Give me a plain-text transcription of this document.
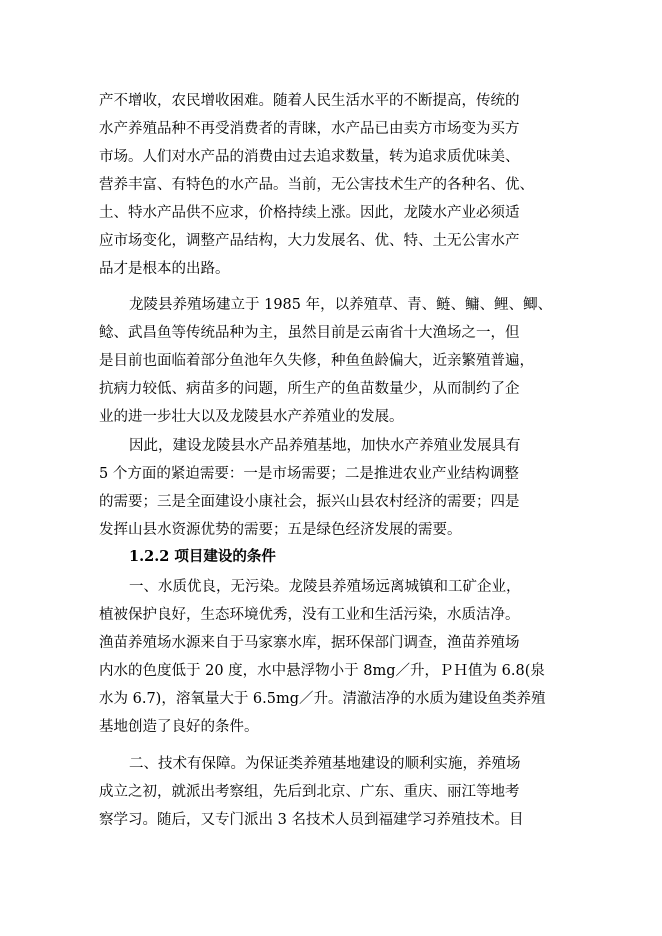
产不增收，农民增收困难。随着人民生活水平的不断提高，传统的
水产养殖品种不再受消费者的青睐，水产品已由卖方市场变为买方
市场。人们对水产品的消费由过去追求数量，转为追求质优味美、
营养丰富、有特色的水产品。当前，无公害技术生产的各种名、优、
土、特水产品供不应求，价格持续上涨。因此，龙陵水产业必须适
应市场变化，调整产品结构，大力发展名、优、特、土无公害水产
品才是根本的出路。
龙陵县养殖场建立于 1985 年，以养殖草、青、鲢、鳙、鲤、鲫、
鲶、武昌鱼等传统品种为主，虽然目前是云南省十大渔场之一，但
是目前也面临着部分鱼池年久失修，种鱼鱼龄偏大，近亲繁殖普遍，
抗病力较低、病苗多的问题，所生产的鱼苗数量少，从而制约了企
业的进一步壮大以及龙陵县水产养殖业的发展。
因此，建设龙陵县水产品养殖基地，加快水产养殖业发展具有
5 个方面的紧迫需要：一是市场需要；二是推进农业产业结构调整
的需要；三是全面建设小康社会，振兴山县农村经济的需要；四是
发挥山县水资源优势的需要；五是绿色经济发展的需要。
1.2.2 项目建设的条件
一、水质优良，无污染。龙陵县养殖场远离城镇和工矿企业，
植被保护良好，生态环境优秀，没有工业和生活污染，水质洁净。
渔苗养殖场水源来自于马家寨水库，据环保部门调查，渔苗养殖场
内水的色度低于 20 度，水中悬浮物小于 8mg／升，ＰＨ值为 6.8(泉
水为 6.7)，溶氧量大于 6.5mg／升。清澈洁净的水质为建设鱼类养殖
基地创造了良好的条件。
二、技术有保障。为保证类养殖基地建设的顺利实施，养殖场
成立之初，就派出考察组，先后到北京、广东、重庆、丽江等地考
察学习。随后，又专门派出 3 名技术人员到福建学习养殖技术。目
